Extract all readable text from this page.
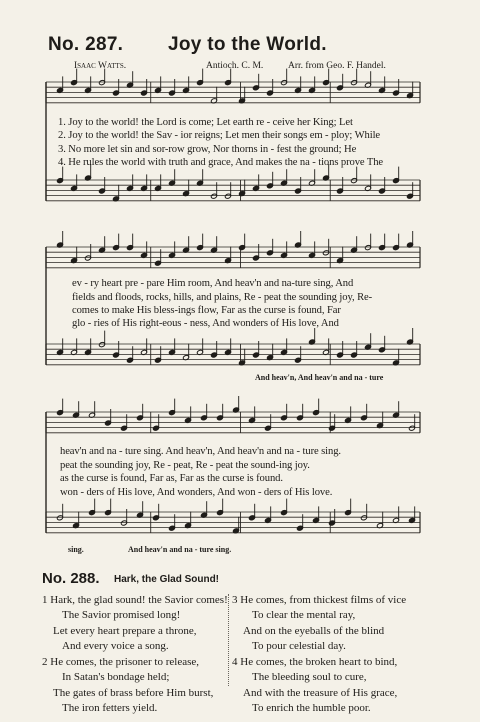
No. 287. Joy to the World.
Isaac Watts.	Antioch. C. M.	Arr. from Geo. F. Handel.
1. Joy to the world! the Lord is come; Let earth re - ceive her King; Let
2. Joy to the world! the Sav - ior reigns; Let men their songs em - ploy; While
3. No more let sin and sor-row grow, Nor thorns in - fest the ground; He
4. He rules the world with truth and grace, And makes the na - tions prove The
ev - ry heart pre - pare Him room, And heav'n and na-ture sing, And
fields and floods, rocks, hills, and plains, Re - peat the sounding joy, Re-
comes to make His bless-ings flow, Far as the curse is found, Far
glo - ries of His right-eous - ness, And wonders of His love, And
And heav'n, And heav'n and na - ture
heav'n and na - ture sing. And heav'n, And heav'n and na - ture sing.
peat the sounding joy, Re - peat, Re - peat the sound-ing joy.
as the curse is found, Far as, Far as the curse is found.
won - ders of His love, And wonders, And won - ders of His love.
sing.	And heav'n and na - ture sing.
No. 288. Hark, the Glad Sound!
1 Hark, the glad sound! the Savior comes!
The Savior promised long!
Let every heart prepare a throne,
And every voice a song.
2 He comes, the prisoner to release,
In Satan's bondage held;
The gates of brass before Him burst,
The iron fetters yield.
3 He comes, from thickest films of vice
To clear the mental ray,
And on the eyeballs of the blind
To pour celestial day.
4 He comes, the broken heart to bind,
The bleeding soul to cure,
And with the treasure of His grace,
To enrich the humble poor.
